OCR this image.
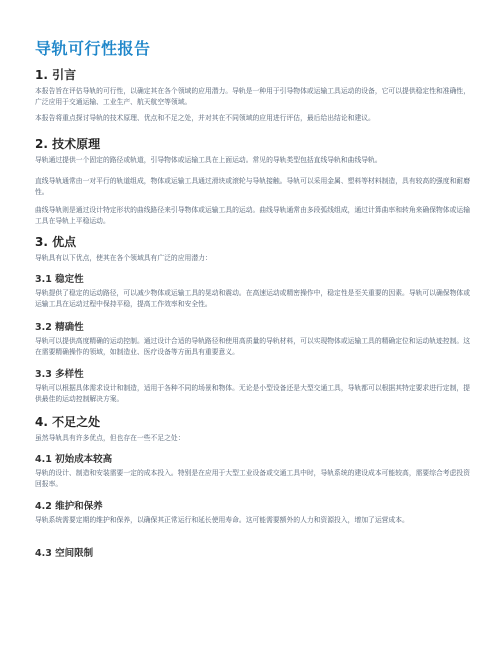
导轨可行性报告
1. 引言

本报告旨在评估导轨的可行性，以确定其在各个领域的应用潜力。导轨是一种用于引导物体或运输工具运动的设备，它可以提供稳定性和准确性，广泛应用于交通运输、工业生产、航天航空等领域。

本报告将重点探讨导轨的技术原理、优点和不足之处，并对其在不同领域的应用进行评估，最后给出结论和建议。

2. 技术原理

导轨通过提供一个固定的路径或轨道，引导物体或运输工具在上面运动。常见的导轨类型包括直线导轨和曲线导轨。

直线导轨通常由一对平行的轨道组成，物体或运输工具通过滑块或滚轮与导轨接触。导轨可以采用金属、塑料等材料制造，具有较高的强度和耐磨性。

曲线导轨则是通过设计特定形状的曲线路径来引导物体或运输工具的运动。曲线导轨通常由多段弧线组成，通过计算曲率和转角来确保物体或运输工具在导轨上平稳运动。

3. 优点

导轨具有以下优点，使其在各个领域具有广泛的应用潜力：

3.1 稳定性

导轨提供了稳定的运动路径，可以减少物体或运输工具的晃动和震动。在高速运动或精密操作中，稳定性是至关重要的因素。导轨可以确保物体或运输工具在运动过程中保持平稳，提高工作效率和安全性。

3.2 精确性

导轨可以提供高度精确的运动控制。通过设计合适的导轨路径和使用高质量的导轨材料，可以实现物体或运输工具的精确定位和运动轨迹控制。这在需要精确操作的领域，如制造业、医疗设备等方面具有重要意义。

3.3 多样性

导轨可以根据具体需求设计和制造，适用于各种不同的场景和物体。无论是小型设备还是大型交通工具，导轨都可以根据其特定要求进行定制，提供最佳的运动控制解决方案。

4. 不足之处

虽然导轨具有许多优点，但也存在一些不足之处：

4.1 初始成本较高

导轨的设计、制造和安装需要一定的成本投入。特别是在应用于大型工业设备或交通工具中时，导轨系统的建设成本可能较高，需要综合考虑投资回报率。

4.2 维护和保养

导轨系统需要定期的维护和保养，以确保其正常运行和延长使用寿命。这可能需要额外的人力和资源投入，增加了运营成本。

4.3 空间限制
